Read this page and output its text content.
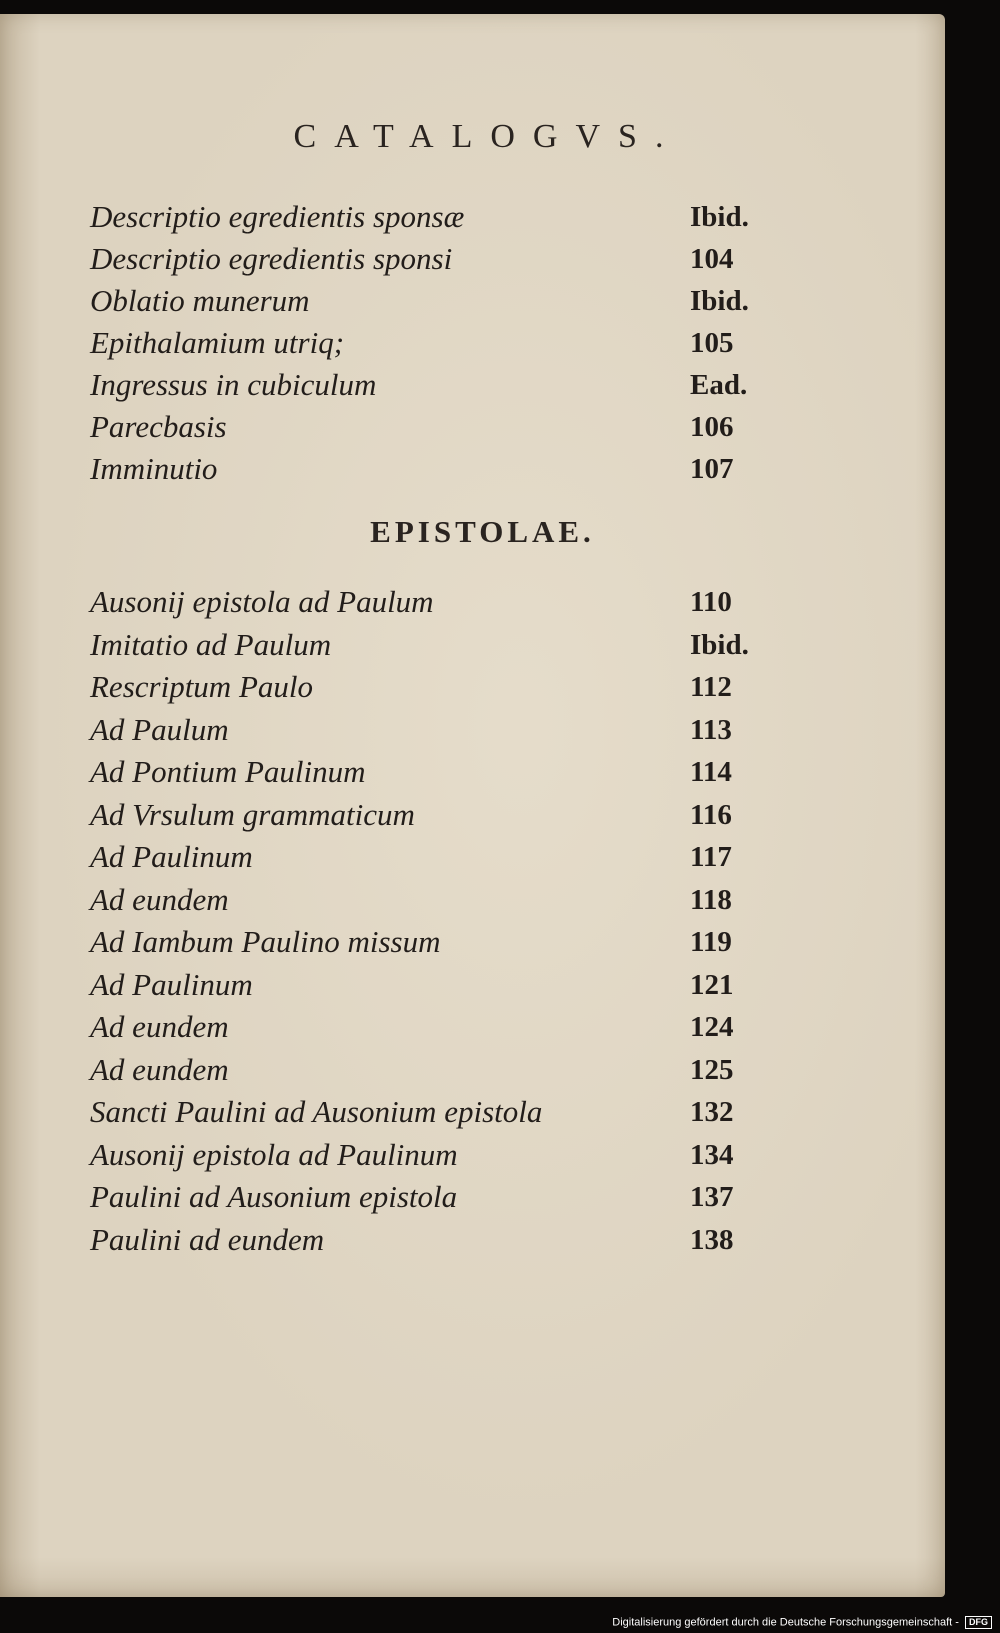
CATALOGVS.
Descriptio egredientis sponsæ	Ibid.
Descriptio egredientis sponsi	104
Oblatio munerum	Ibid.
Epithalamium utriq;	105
Ingressus in cubiculum	Ead.
Parecbasis	106
Imminutio	107
EPISTOLAE.
Ausonij epistola ad Paulum	110
Imitatio ad Paulum	Ibid.
Rescriptum Paulo	112
Ad Paulum	113
Ad Pontium Paulinum	114
Ad Vrsulum grammaticum	116
Ad Paulinum	117
Ad eundem	118
Ad Iambum Paulino missum	119
Ad Paulinum	121
Ad eundem	124
Ad eundem	125
Sancti Paulini ad Ausonium epistola	132
Ausonij epistola ad Paulinum	134
Paulini ad Ausonium epistola	137
Paulini ad eundem	138
Digitalisierung gefördert durch die Deutsche Forschungsgemeinschaft - DFG
